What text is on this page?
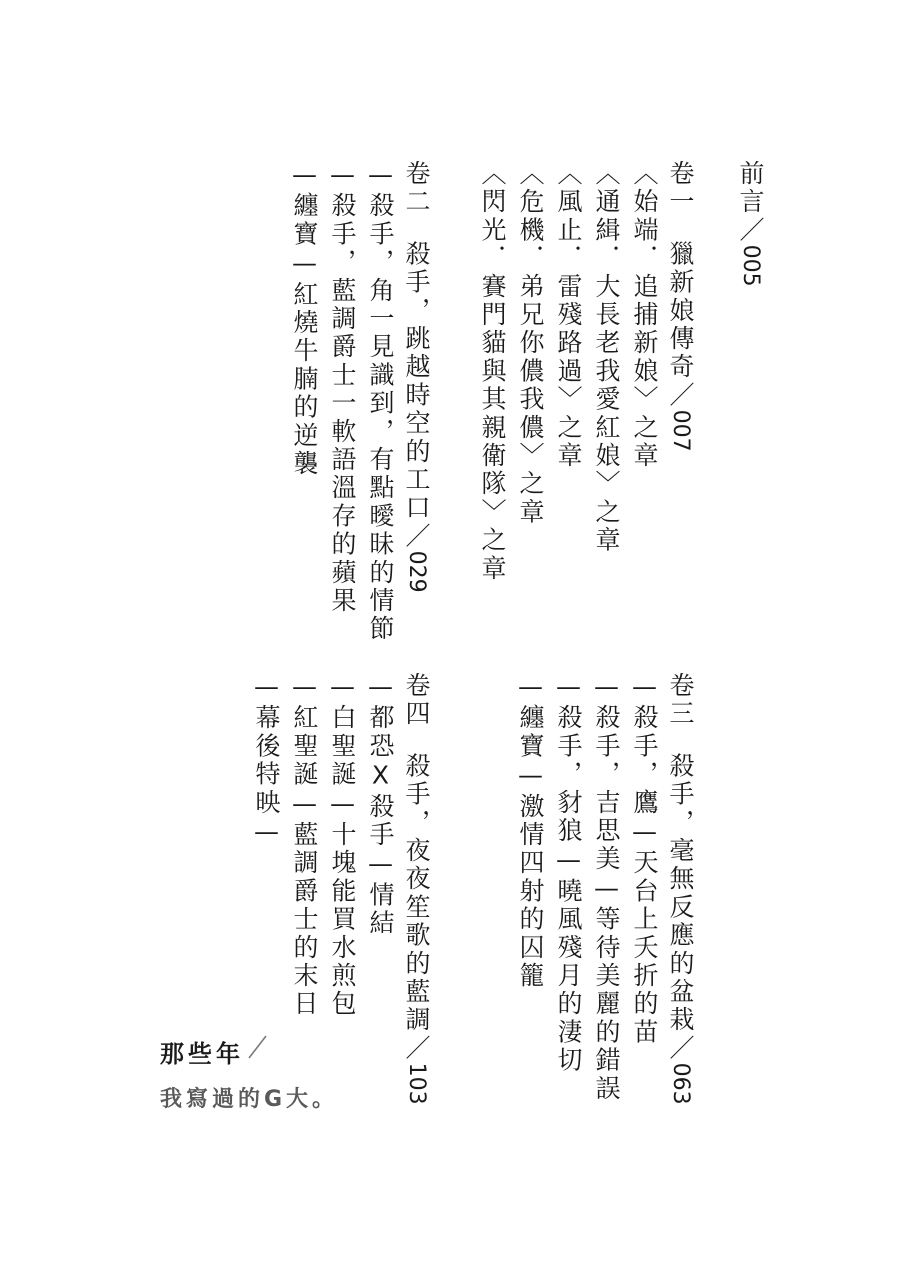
前言／005
卷一獵新娘傳奇／007
〈始端．追捕新娘〉之章
〈通緝．大長老我愛紅娘〉之章
〈風止．雷殘路過〉之章
〈危機．弟兄你儂我儂〉之章
〈閃光．賽門貓與其親衛隊〉之章
卷二殺手，跳越時空的工口／029
—殺手，角一見識到，有點曖昧的情節
—殺手，藍調爵士一軟語溫存的蘋果
—纏寶—紅燒牛腩的逆襲
卷三殺手，毫無反應的盆栽／063
—殺手，鷹—天台上夭折的苗
—殺手，吉思美—等待美麗的錯誤
—殺手，豺狼—曉風殘月的淒切
—纏寶—激情四射的囚籠
卷四殺手，夜夜笙歌的藍調／103
—都恐X殺手—情結
—白聖誕—十塊能買水煎包
—紅聖誕—藍調爵士的末日
—幕後特映—
那些年
我寫過的G大。
